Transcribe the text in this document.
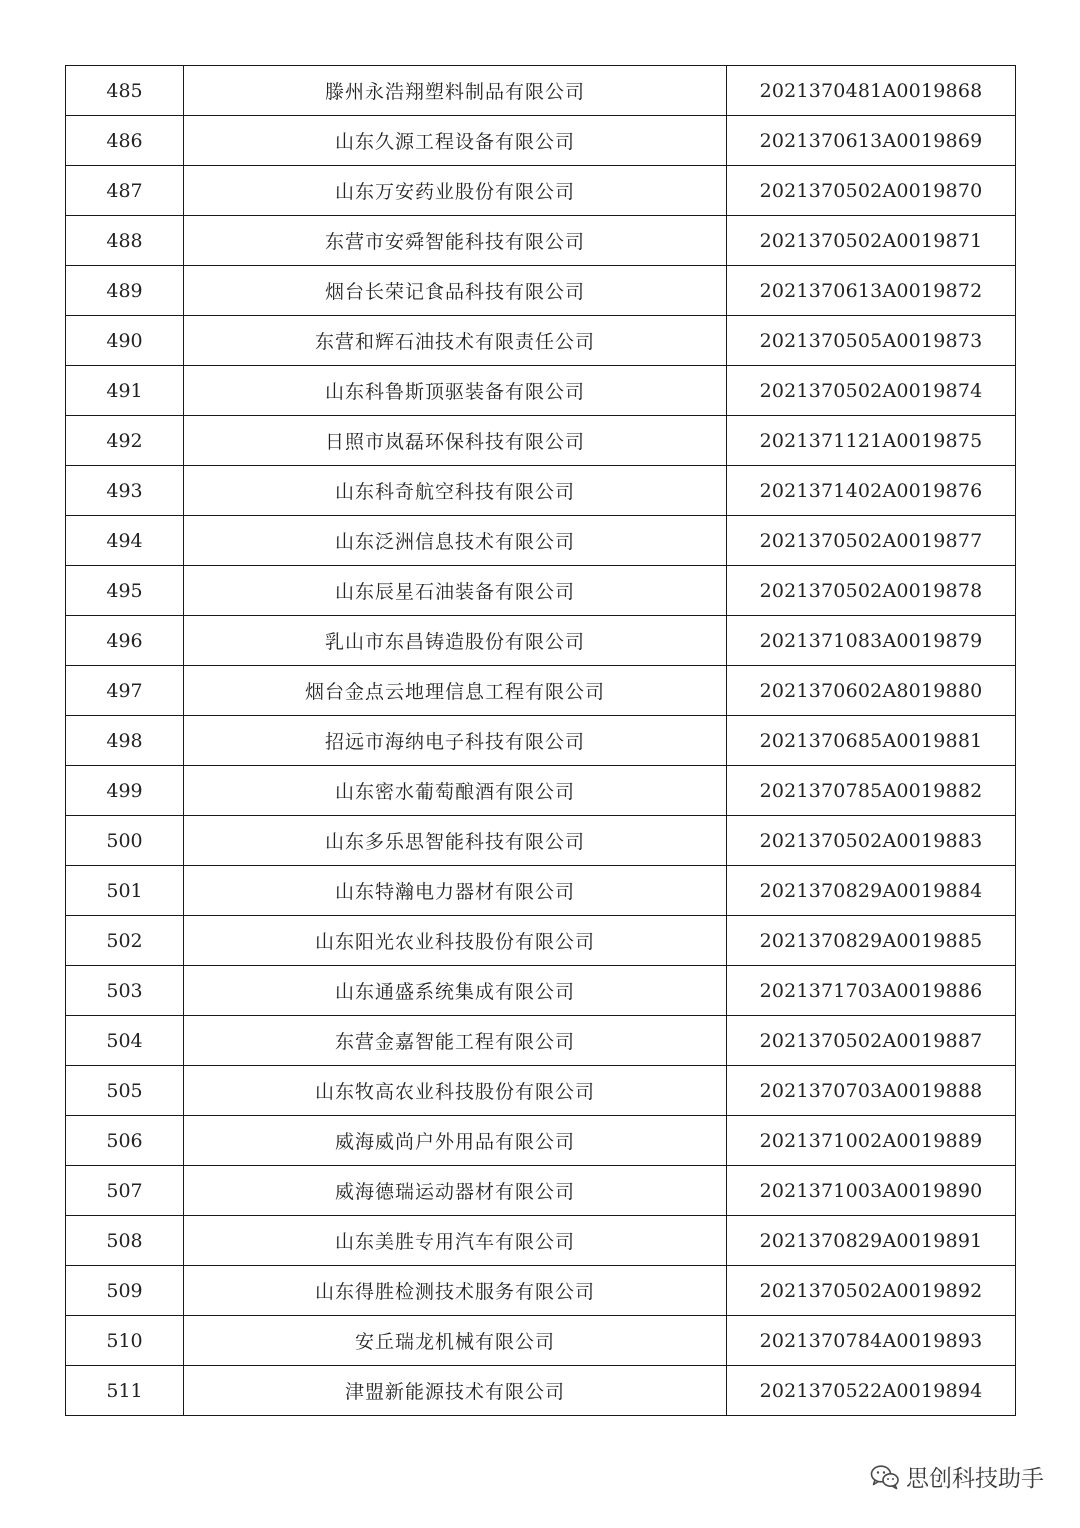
485	滕州永浩翔塑料制品有限公司	2021370481A0019868
486	山东久源工程设备有限公司	2021370613A0019869
487	山东万安药业股份有限公司	2021370502A0019870
488	东营市安舜智能科技有限公司	2021370502A0019871
489	烟台长荣记食品科技有限公司	2021370613A0019872
490	东营和辉石油技术有限责任公司	2021370505A0019873
491	山东科鲁斯顶驱装备有限公司	2021370502A0019874
492	日照市岚磊环保科技有限公司	2021371121A0019875
493	山东科奇航空科技有限公司	2021371402A0019876
494	山东泛洲信息技术有限公司	2021370502A0019877
495	山东辰星石油装备有限公司	2021370502A0019878
496	乳山市东昌铸造股份有限公司	2021371083A0019879
497	烟台金点云地理信息工程有限公司	2021370602A8019880
498	招远市海纳电子科技有限公司	2021370685A0019881
499	山东密水葡萄酿酒有限公司	2021370785A0019882
500	山东多乐思智能科技有限公司	2021370502A0019883
501	山东特瀚电力器材有限公司	2021370829A0019884
502	山东阳光农业科技股份有限公司	2021370829A0019885
503	山东通盛系统集成有限公司	2021371703A0019886
504	东营金嘉智能工程有限公司	2021370502A0019887
505	山东牧高农业科技股份有限公司	2021370703A0019888
506	威海威尚户外用品有限公司	2021371002A0019889
507	威海德瑞运动器材有限公司	2021371003A0019890
508	山东美胜专用汽车有限公司	2021370829A0019891
509	山东得胜检测技术服务有限公司	2021370502A0019892
510	安丘瑞龙机械有限公司	2021370784A0019893
511	津盟新能源技术有限公司	2021370522A0019894
思创科技助手
